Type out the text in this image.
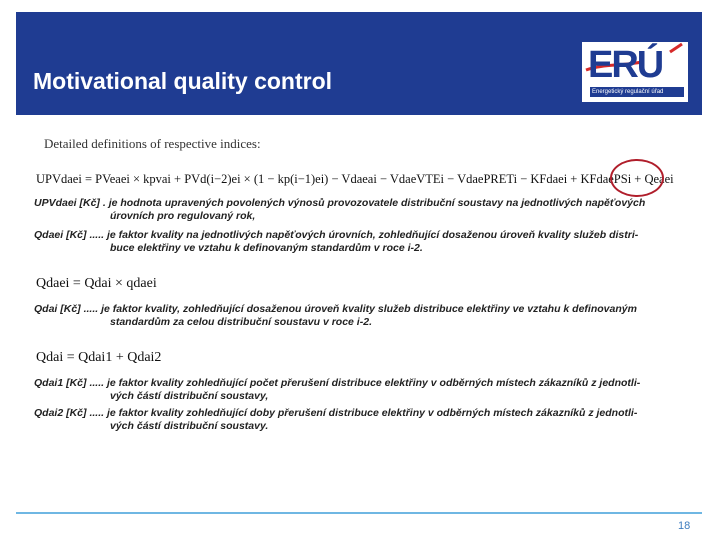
Motivational quality control	ERÚ
Energetický regulační úřad
Detailed definitions of respective indices:
UPVdaei = PVeaei × kpvai + PVd(i−2)ei × (1 − kp(i−1)ei) − Vdaeai − VdaeVTEi − VdaePRETi − KFdaei + KFdaePSi + Qeaei
UPVdaei [Kč] . je hodnota upravených povolených výnosů provozovatele distribuční soustavy na jednotlivých napěťových
úrovních pro regulovaný rok,
Qdaei [Kč] ..... je faktor kvality na jednotlivých napěťových úrovních, zohledňující dosaženou úroveň kvality služeb distri-
buce elektřiny ve vztahu k definovaným standardům v roce i-2.
Qdaei = Qdai × qdaei
Qdai [Kč] ..... je faktor kvality, zohledňující dosaženou úroveň kvality služeb distribuce elektřiny ve vztahu k definovaným
standardům za celou distribuční soustavu v roce i-2.
Qdai = Qdai1 + Qdai2
Qdai1 [Kč] ..... je faktor kvality zohledňující počet přerušení distribuce elektřiny v odběrných místech zákazníků z jednotli-
vých částí distribuční soustavy,
Qdai2 [Kč] ..... je faktor kvality zohledňující doby přerušení distribuce elektřiny v odběrných místech zákazníků z jednotli-
vých částí distribuční soustavy.
18
